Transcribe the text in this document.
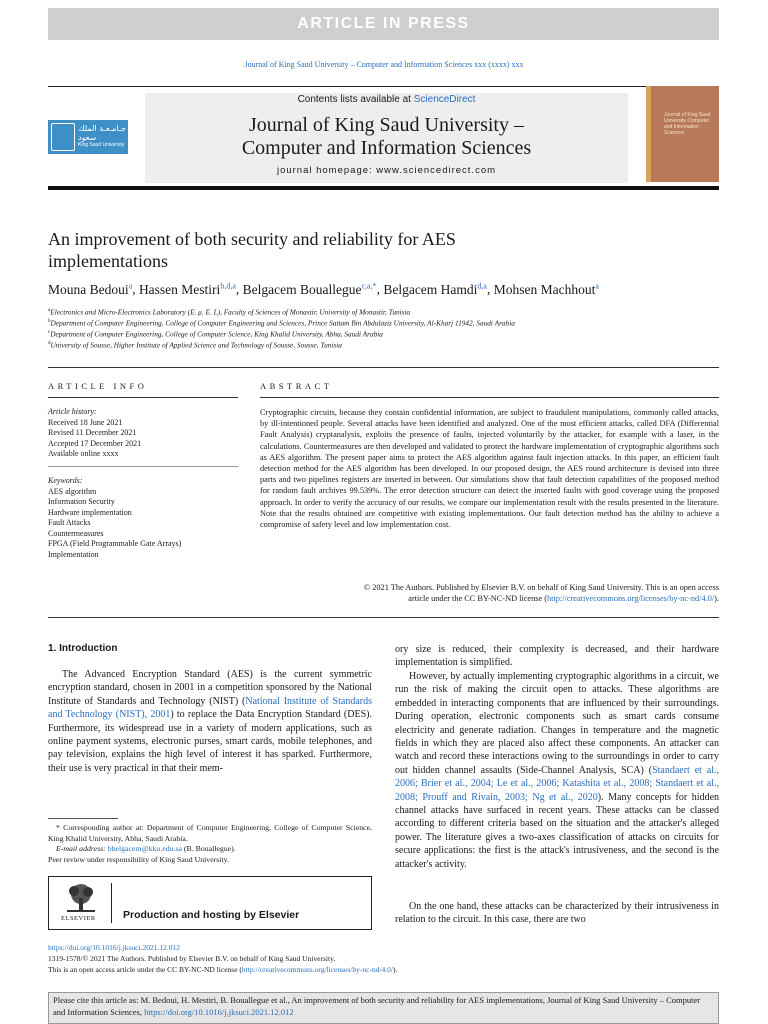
ARTICLE IN PRESS
Journal of King Saud University – Computer and Information Sciences xxx (xxxx) xxx
جـامـعـة الملك سعود
King Saud University
Contents lists available at ScienceDirect
Journal of King Saud University –
Computer and Information Sciences
journal homepage: www.sciencedirect.com
Journal of King Saud University Computer and Information Sciences
An improvement of both security and reliability for AES
implementations
Mouna Bedoui$^a$, Hassen Mestiri$^{b,d,a}$, Belgacem Bouallegue$^{c,a,*}$, Belgacem Hamdi$^{d,a}$, Mohsen Machhout$^a$
$^a$Electronics and Micro-Electronics Laboratory (E. μ. E. L), Faculty of Sciences of Monastir, University of Monastir, Tunisia
$^b$Department of Computer Engineering, College of Computer Engineering and Sciences, Prince Sattam Bin Abdulaziz University, Al-Kharj 11942, Saudi Arabia
$^c$Department of Computer Engineering, College of Computer Science, King Khalid University, Abha, Saudi Arabia
$^d$University of Sousse, Higher Institute of Applied Science and Technology of Sousse, Sousse, Tunisia
ARTICLE INFO
Article history:
Received 18 June 2021
Revised 11 December 2021
Accepted 17 December 2021
Available online xxxx
Keywords:
AES algorithm
Information Security
Hardware implementation
Fault Attacks
Countermeasures
FPGA (Field Programmable Gate Arrays)
Implementation
ABSTRACT
Cryptographic circuits, because they contain confidential information, are subject to fraudulent manipulations, commonly called attacks, by ill-intentioned people. Several attacks have been identified and analyzed. One of the most efficient attacks, called DFA (Differential Fault Analysis) cryptanalysis, exploits the presence of faults, injected voluntarily by the attacker, for example with a laser, in the calculations. Countermeasures are then developed and validated to protect the hardware implementation of cryptographic algorithms such as AES algorithm. The present paper aims to protect the AES algorithm against fault injection attacks. In this paper, an efficient fault detection method for the AES algorithm has been developed. In our proposed design, the AES round architecture is devised into three parts and two pipelines registers are inserted in between. Our simulations show that fault detection capabilities of the proposed method for random fault archives 99.539%. The error detection structure can detect the inserted faults with good coverage using the proposed approach. In order to verify the accuracy of our results, we compare our implementation result with the results presented in the literature. Note that the results obtained are competitive with existing implementations. Our fault detection method has the ability to achieve a compromise of safety level and low implementation cost.
© 2021 The Authors. Published by Elsevier B.V. on behalf of King Saud University. This is an open access
article under the CC BY-NC-ND license (http://creativecommons.org/licenses/by-nc-nd/4.0/).
1. Introduction
The Advanced Encryption Standard (AES) is the current symmetric encryption standard, chosen in 2001 in a competition sponsored by the National Institute of Standards and Technology (NIST) (National Institute of Standards and Technology (NIST), 2001) to replace the Data Encryption Standard (DES). Furthermore, its widespread use in a variety of modern applications, such as online payment systems, electronic purses, smart cards, mobile telephones, and pay television, explains the high level of interest it has sparked. Furthermore, their use is very practical in that their mem-
ory size is reduced, their complexity is decreased, and their hardware implementation is simplified.
However, by actually implementing cryptographic algorithms in a circuit, we run the risk of making the circuit open to attacks. These algorithms are embedded in interacting components that are influenced by their surroundings. During operation, electronic components such as smart cards consume electricity and generate radiation. Changes in temperature and the magnetic fields in which they are placed also affect these components. An attacker can watch and record these interactions owing to the surroundings in order to carry out hidden channel assaults (Side-Channel Analysis, SCA) (Standaert et al., 2006; Brier et al., 2004; Le et al., 2006; Katashita et al., 2008; Standaert et al., 2008; Prouff and Rivain, 2003; Ng et al., 2020). Many concepts for hidden channel attacks have surfaced in recent years. These attacks can be classed according to different criteria based on the situation and the attacker's alleged power. The literature gives a two-axes classification of attacks on circuits for secure applications: the first is the attack's intrusiveness, and the second is the attacker's activity.
On the one hand, these attacks can be characterized by their intrusiveness in relation to the circuit. In this case, there are two
* Corresponding author at: Department of Computer Engineering, College of Computer Science, King Khalid University, Abha, Saudi Arabia.
E-mail address: bbelgacem@kku.edu.sa (B. Bouallegue).
Peer review under responsibility of King Saud University.
ELSEVIER	Production and hosting by Elsevier
https://doi.org/10.1016/j.jksuci.2021.12.012
1319-1578/© 2021 The Authors. Published by Elsevier B.V. on behalf of King Saud University.
This is an open access article under the CC BY-NC-ND license (http://creativecommons.org/licenses/by-nc-nd/4.0/).
Please cite this article as: M. Bedoui, H. Mestiri, B. Bouallegue et al., An improvement of both security and reliability for AES implementations, Journal of King Saud University – Computer and Information Sciences, https://doi.org/10.1016/j.jksuci.2021.12.012
